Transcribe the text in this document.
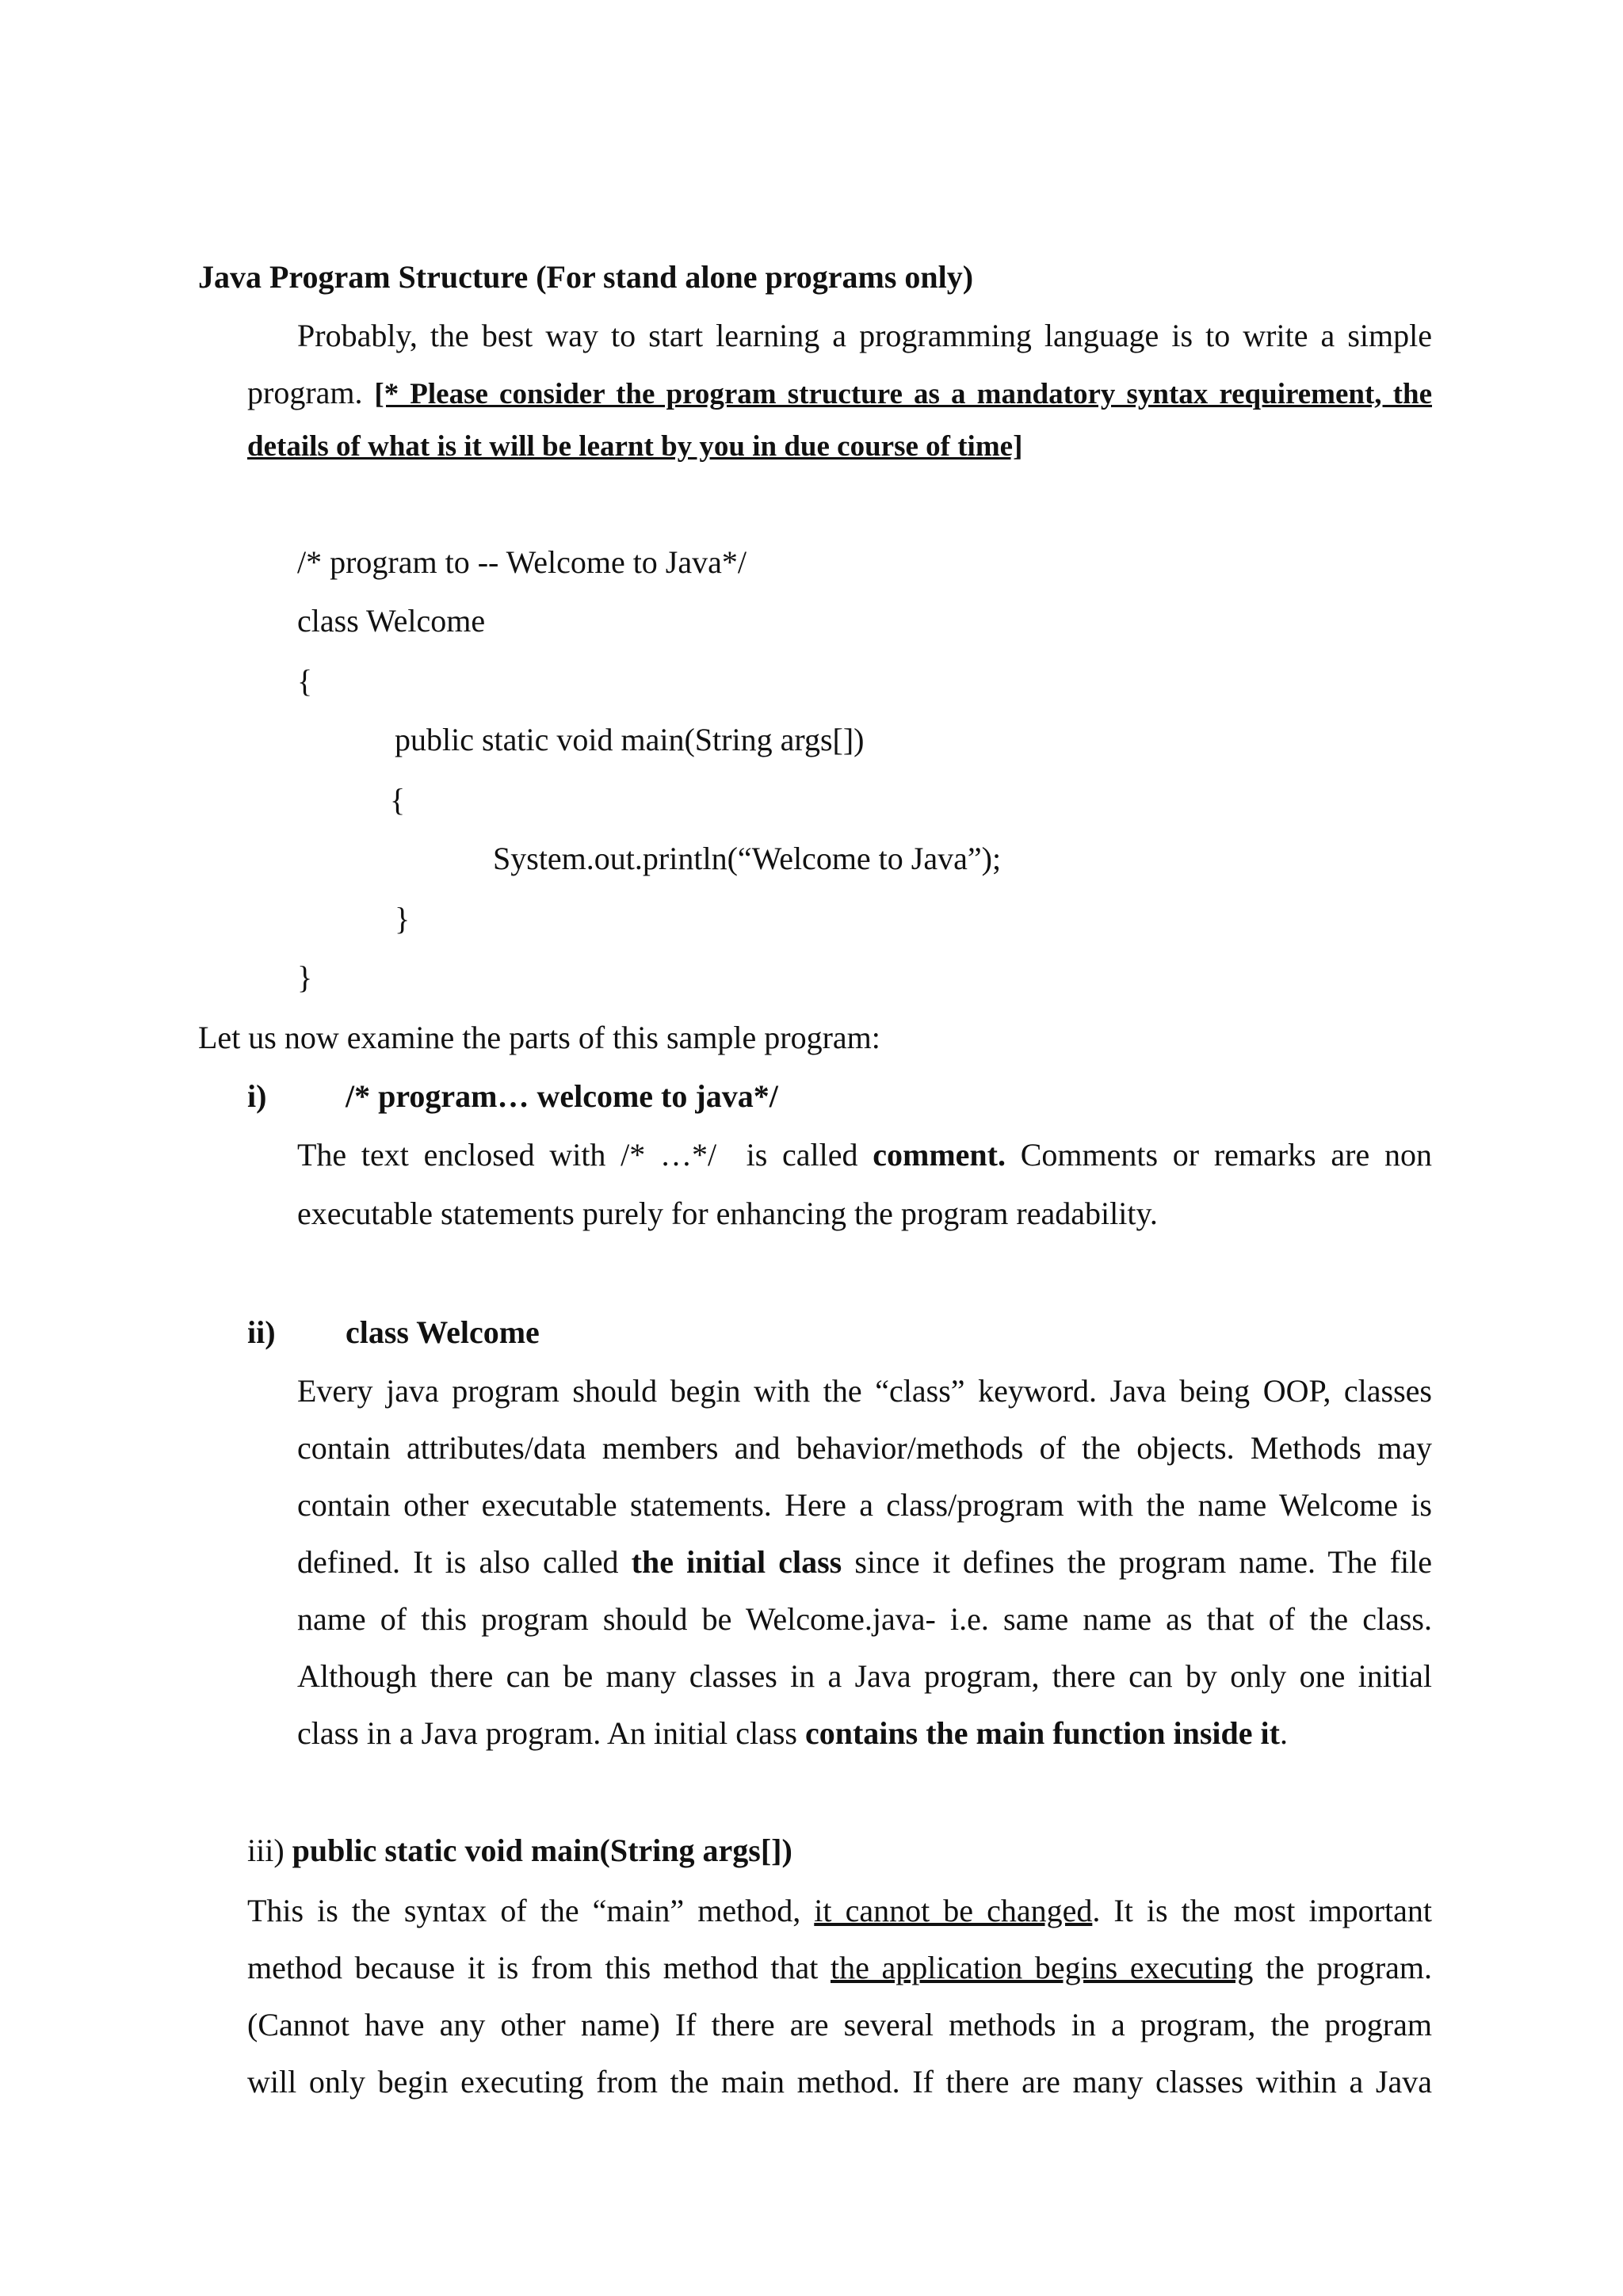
Java Program Structure (For stand alone programs only)

Probably, the best way to start learning a programming language is to write a simple

program. [* Please consider the program structure as a mandatory syntax requirement, the

details of what is it will be learnt by you in due course of time]

/* program to -- Welcome to Java*/

class Welcome

{

public static void main(String args[])

{

System.out.println(“Welcome to Java”);

}

}

Let us now examine the parts of this sample program:

i) /* program… welcome to java*/

The text enclosed with /* …*/  is called comment. Comments or remarks are non

executable statements purely for enhancing the program readability.

ii) class Welcome

Every java program should begin with the “class” keyword. Java being OOP, classes

contain attributes/data members and behavior/methods of the objects. Methods may

contain other executable statements. Here a class/program with the name Welcome is

defined. It is also called the initial class since it defines the program name. The file

name of this program should be Welcome.java- i.e. same name as that of the class.

Although there can be many classes in a Java program, there can by only one initial

class in a Java program. An initial class contains the main function inside it.

iii) public static void main(String args[])

This is the syntax of the “main” method, it cannot be changed. It is the most important

method because it is from this method that the application begins executing the program.

(Cannot have any other name) If there are several methods in a program, the program

will only begin executing from the main method. If there are many classes within a Java
